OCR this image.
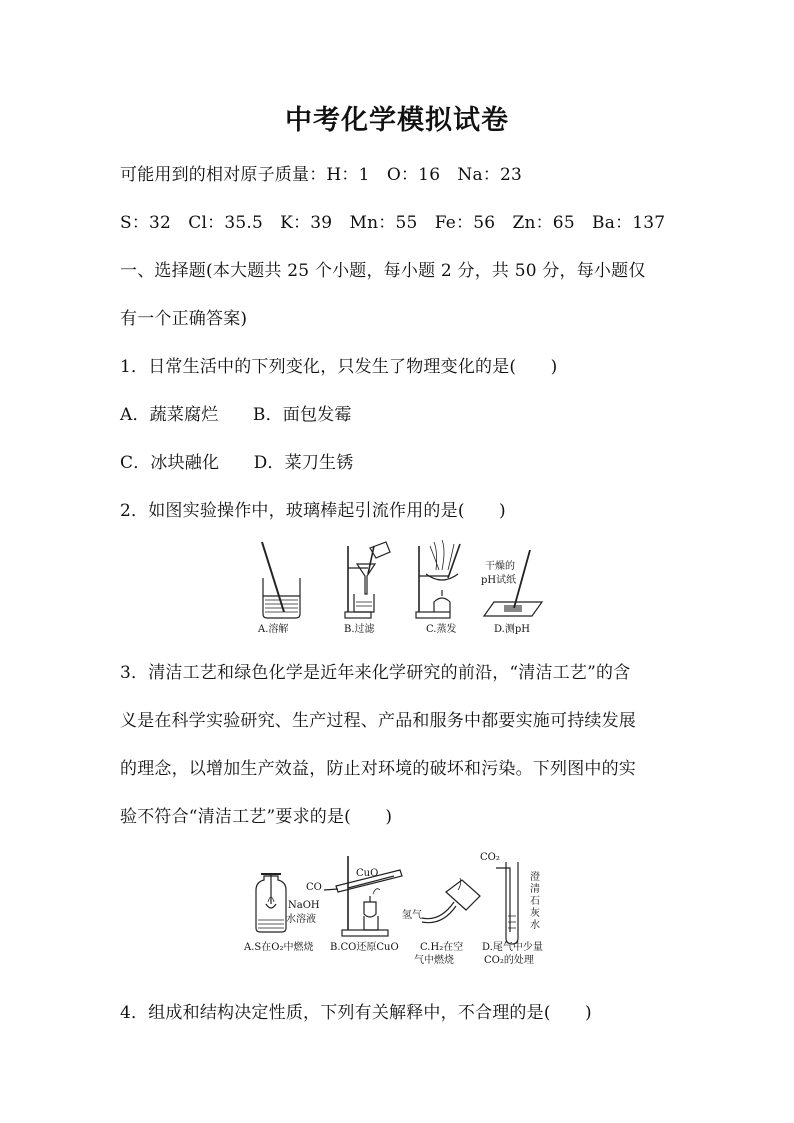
中考化学模拟试卷
可能用到的相对原子质量：H：1　O：16　Na：23
S：32　Cl：35.5　K：39　Mn：55　Fe：56　Zn：65　Ba：137
一、选择题(本大题共 25 个小题，每小题 2 分，共 50 分，每小题仅
有一个正确答案)
1．日常生活中的下列变化，只发生了物理变化的是(　　)
A．蔬菜腐烂　　B．面包发霉
C．冰块融化　　D．菜刀生锈
2．如图实验操作中，玻璃棒起引流作用的是(　　)
干燥的
pH试纸
A.溶解	B.过滤	C.蒸发	D.测pH
3．清洁工艺和绿色化学是近年来化学研究的前沿，“清洁工艺”的含
义是在科学实验研究、生产过程、产品和服务中都要实施可持续发展
的理念，以增加生产效益，防止对环境的破坏和污染。下列图中的实
验不符合“清洁工艺”要求的是(　　)
NaOH
水溶液
CO
CuO
氢气
CO₂
澄
清
石
灰
水
A.S在O₂中燃烧 B.CO还原CuO C.H₂在空
气中燃烧
D.尾气中少量
CO₂的处理
4．组成和结构决定性质，下列有关解释中，不合理的是(　　)
